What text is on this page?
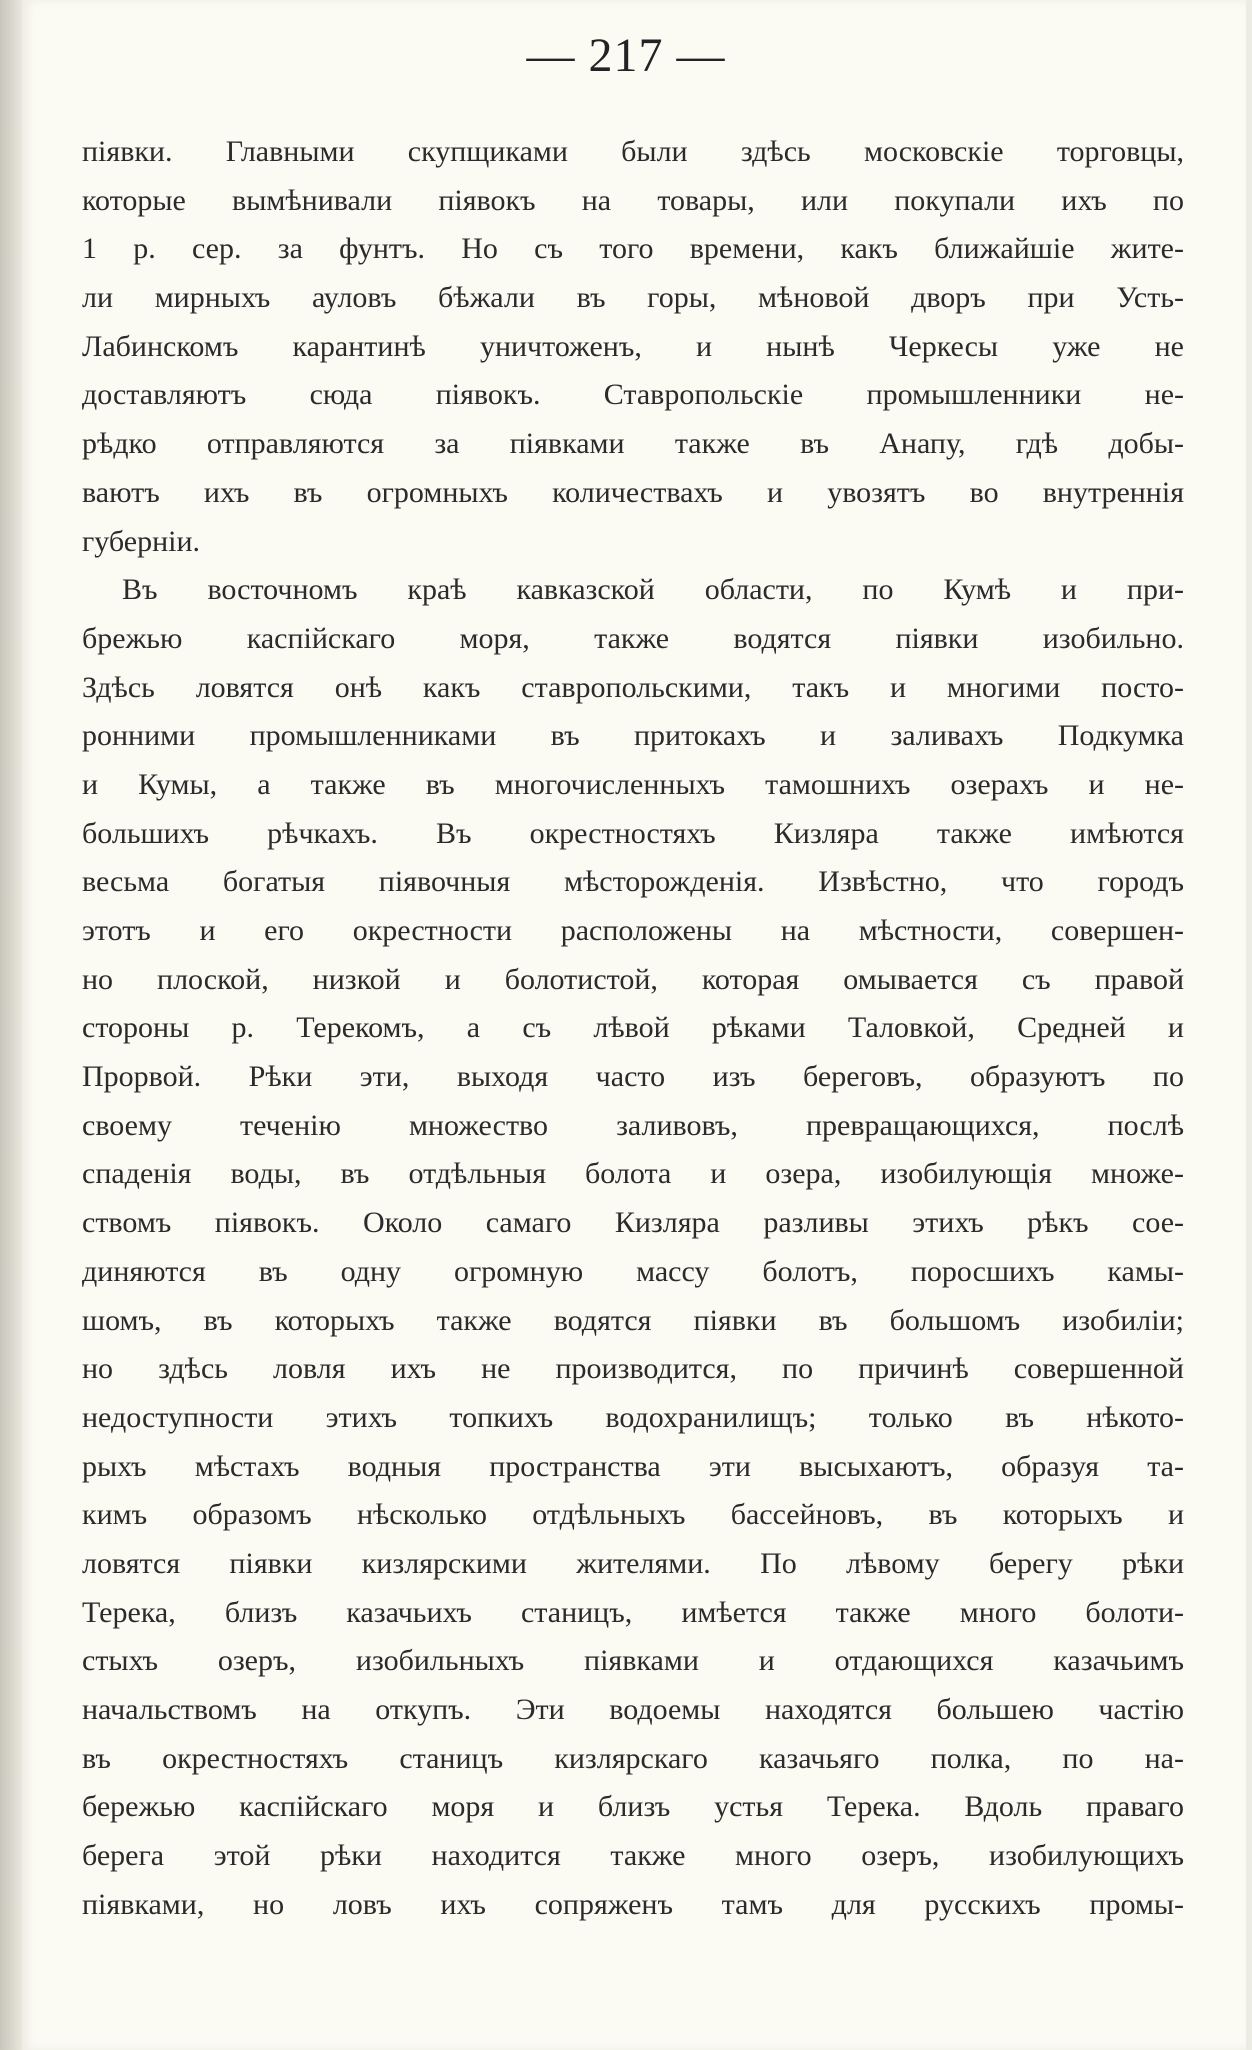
— 217 —
піявки. Главными скупщиками были здѣсь московскіе торговцы,
которые вымѣнивали піявокъ на товары, или покупали ихъ по
1 р. сер. за фунтъ. Но съ того времени, какъ ближайшіе жите-
ли мирныхъ ауловъ бѣжали въ горы, мѣновой дворъ при Усть-
Лабинскомъ карантинѣ уничтоженъ, и нынѣ Черкесы уже не
доставляютъ сюда піявокъ. Ставропольскіе промышленники не-
рѣдко отправляются за піявками также въ Анапу, гдѣ добы-
ваютъ ихъ въ огромныхъ количествахъ и увозятъ во внутреннія
губерніи.
Въ восточномъ краѣ кавказской области, по Кумѣ и при-
брежью каспійскаго моря, также водятся піявки изобильно.
Здѣсь ловятся онѣ какъ ставропольскими, такъ и многими посто-
ронними промышленниками въ притокахъ и заливахъ Подкумка
и Кумы, а также въ многочисленныхъ тамошнихъ озерахъ и не-
большихъ рѣчкахъ. Въ окрестностяхъ Кизляра также имѣются
весьма богатыя піявочныя мѣсторожденія. Извѣстно, что городъ
этотъ и его окрестности расположены на мѣстности, совершен-
но плоской, низкой и болотистой, которая омывается съ правой
стороны р. Терекомъ, а съ лѣвой рѣками Таловкой, Средней и
Прорвой. Рѣки эти, выходя часто изъ береговъ, образуютъ по
своему теченію множество заливовъ, превращающихся, послѣ
спаденія воды, въ отдѣльныя болота и озера, изобилующія множе-
ствомъ піявокъ. Около самаго Кизляра разливы этихъ рѣкъ сое-
диняются въ одну огромную массу болотъ, поросшихъ камы-
шомъ, въ которыхъ также водятся піявки въ большомъ изобиліи;
но здѣсь ловля ихъ не производится, по причинѣ совершенной
недоступности этихъ топкихъ водохранилищъ; только въ нѣкото-
рыхъ мѣстахъ водныя пространства эти высыхаютъ, образуя та-
кимъ образомъ нѣсколько отдѣльныхъ бассейновъ, въ которыхъ и
ловятся піявки кизлярскими жителями. По лѣвому берегу рѣки
Терека, близъ казачьихъ станицъ, имѣется также много болоти-
стыхъ озеръ, изобильныхъ піявками и отдающихся казачьимъ
начальствомъ на откупъ. Эти водоемы находятся большею частію
въ окрестностяхъ станицъ кизлярскаго казачьяго полка, по на-
бережью каспійскаго моря и близъ устья Терека. Вдоль праваго
берега этой рѣки находится также много озеръ, изобилующихъ
піявками, но ловъ ихъ сопряженъ тамъ для русскихъ промы-
